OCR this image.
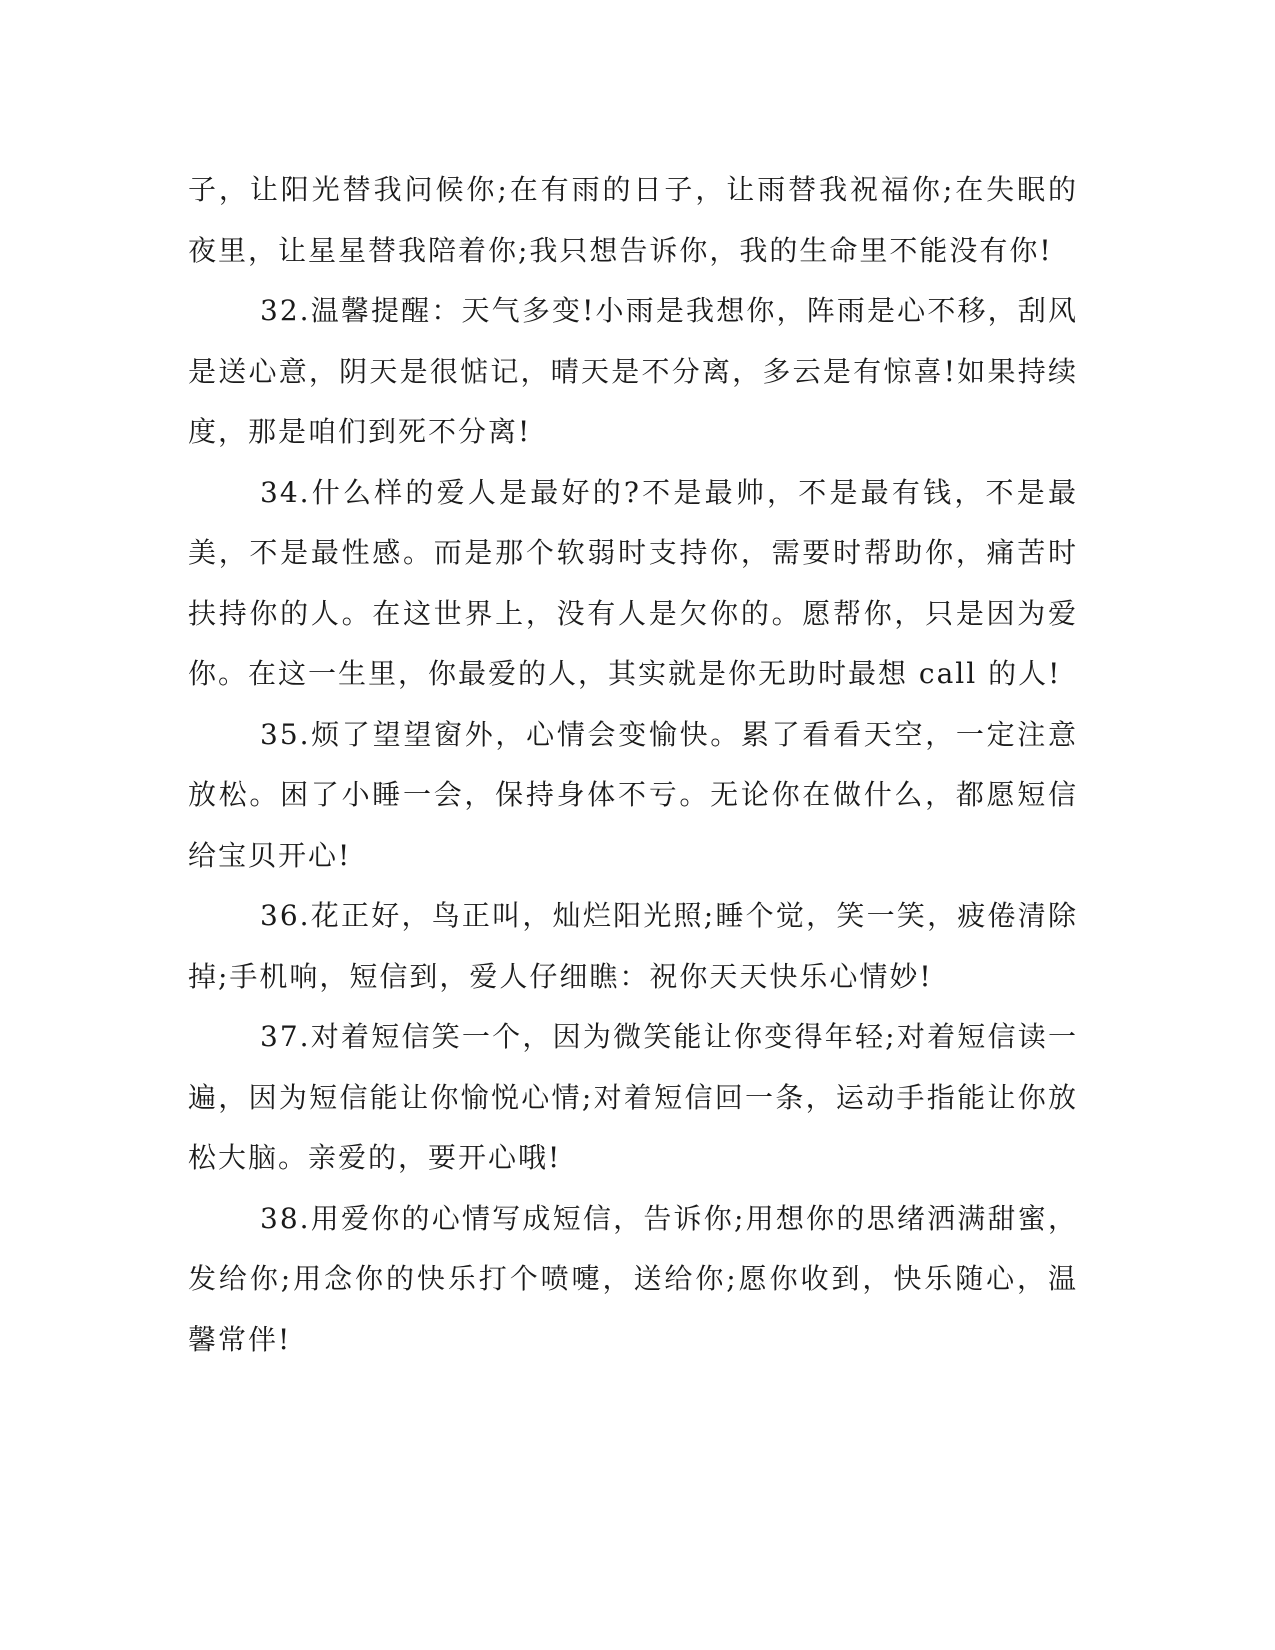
子，让阳光替我问候你;在有雨的日子，让雨替我祝福你;在失眠的夜里，让星星替我陪着你;我只想告诉你，我的生命里不能没有你!

32.温馨提醒：天气多变!小雨是我想你，阵雨是心不移，刮风是送心意，阴天是很惦记，晴天是不分离，多云是有惊喜!如果持续度，那是咱们到死不分离!

34.什么样的爱人是最好的?不是最帅，不是最有钱，不是最美，不是最性感。而是那个软弱时支持你，需要时帮助你，痛苦时扶持你的人。在这世界上，没有人是欠你的。愿帮你，只是因为爱你。在这一生里，你最爱的人，其实就是你无助时最想 call 的人!

35.烦了望望窗外，心情会变愉快。累了看看天空，一定注意放松。困了小睡一会，保持身体不亏。无论你在做什么，都愿短信给宝贝开心!

36.花正好，鸟正叫，灿烂阳光照;睡个觉，笑一笑，疲倦清除掉;手机响，短信到，爱人仔细瞧：祝你天天快乐心情妙!

37.对着短信笑一个，因为微笑能让你变得年轻;对着短信读一遍，因为短信能让你愉悦心情;对着短信回一条，运动手指能让你放松大脑。亲爱的，要开心哦!

38.用爱你的心情写成短信，告诉你;用想你的思绪洒满甜蜜，发给你;用念你的快乐打个喷嚏，送给你;愿你收到，快乐随心，温馨常伴!
